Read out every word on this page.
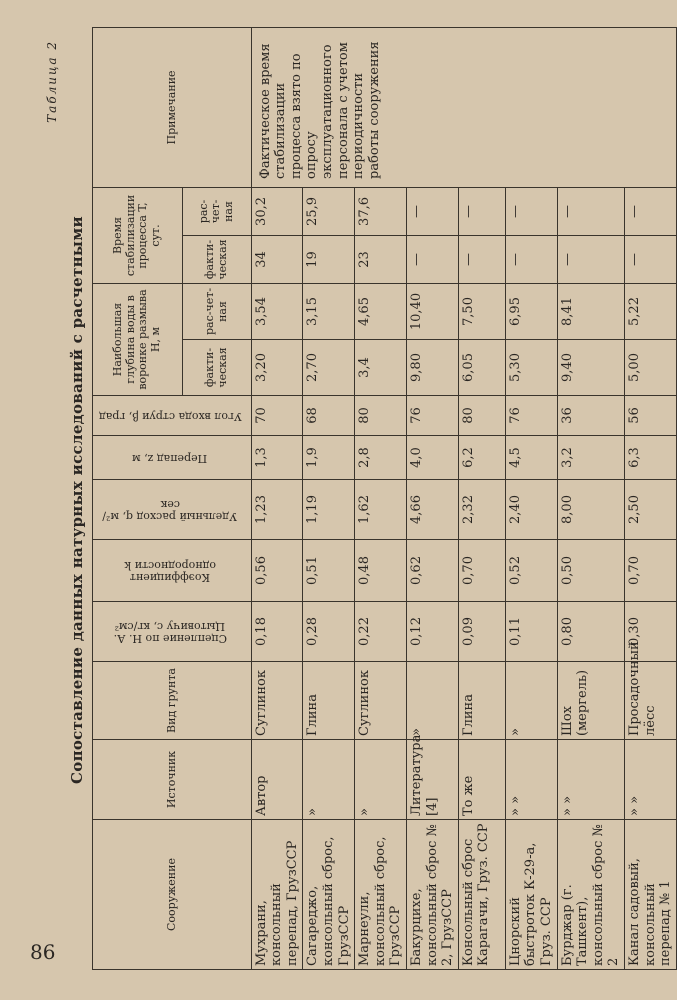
86
Таблица 2
Сопоставление данных натурных исследований с расчетными
Сооружение	Источник	Вид грунта	Сцепление по Н. А. Цытовичу c, кг/см²	Коэффициент однородности k	Удельный расход q, м²/сек	Перепад z, м	Угол входа струи β, град	Наибольшая глубина воды в воронке размыва H, м		Время стабилизации процесса T, сут.		Примечание
								факти-ческая	рас-чет-ная	факти-ческая	рас-чет-ная	
Мухрани, консольный перепад, ГрузССР	Автор	Суглинок	0,18	0,56	1,23	1,3	70	3,20	3,54	34	30,2	Фактическое время стабилизации процесса взято по опросу эксплуатационного персонала с учетом периодичности работы сооружения
Сагареджо, консольный сброс, ГрузССР	»	Глина	0,28	0,51	1,19	1,9	68	2,70	3,15	19	25,9	
Марнеули, консольный сброс, ГрузССР	»	Суглинок	0,22	0,48	1,62	2,8	80	3,4	4,65	23	37,6	
Бакурцихе, консольный сброс № 2, ГрузССР	Литература [4]	»	0,12	0,62	4,66	4,0	76	9,80	10,40	—	—	
Консольный сброс Карагачи, Груз. ССР	То же	Глина	0,09	0,70	2,32	6,2	80	6,05	7,50	—	—	
Цнорский быстроток К-29-а, Груз. ССР	» »	»	0,11	0,52	2,40	4,5	76	5,30	6,95	—	—	
Бурджар (г. Ташкент), консольный сброс № 2	» »	Шох (мергель)	0,80	0,50	8,00	3,2	36	9,40	8,41	—	—	
Канал садовый, консольный перепад № 1	» »	Просадочный лёсс	0,30	0,70	2,50	6,3	56	5,00	5,22	—	—	
